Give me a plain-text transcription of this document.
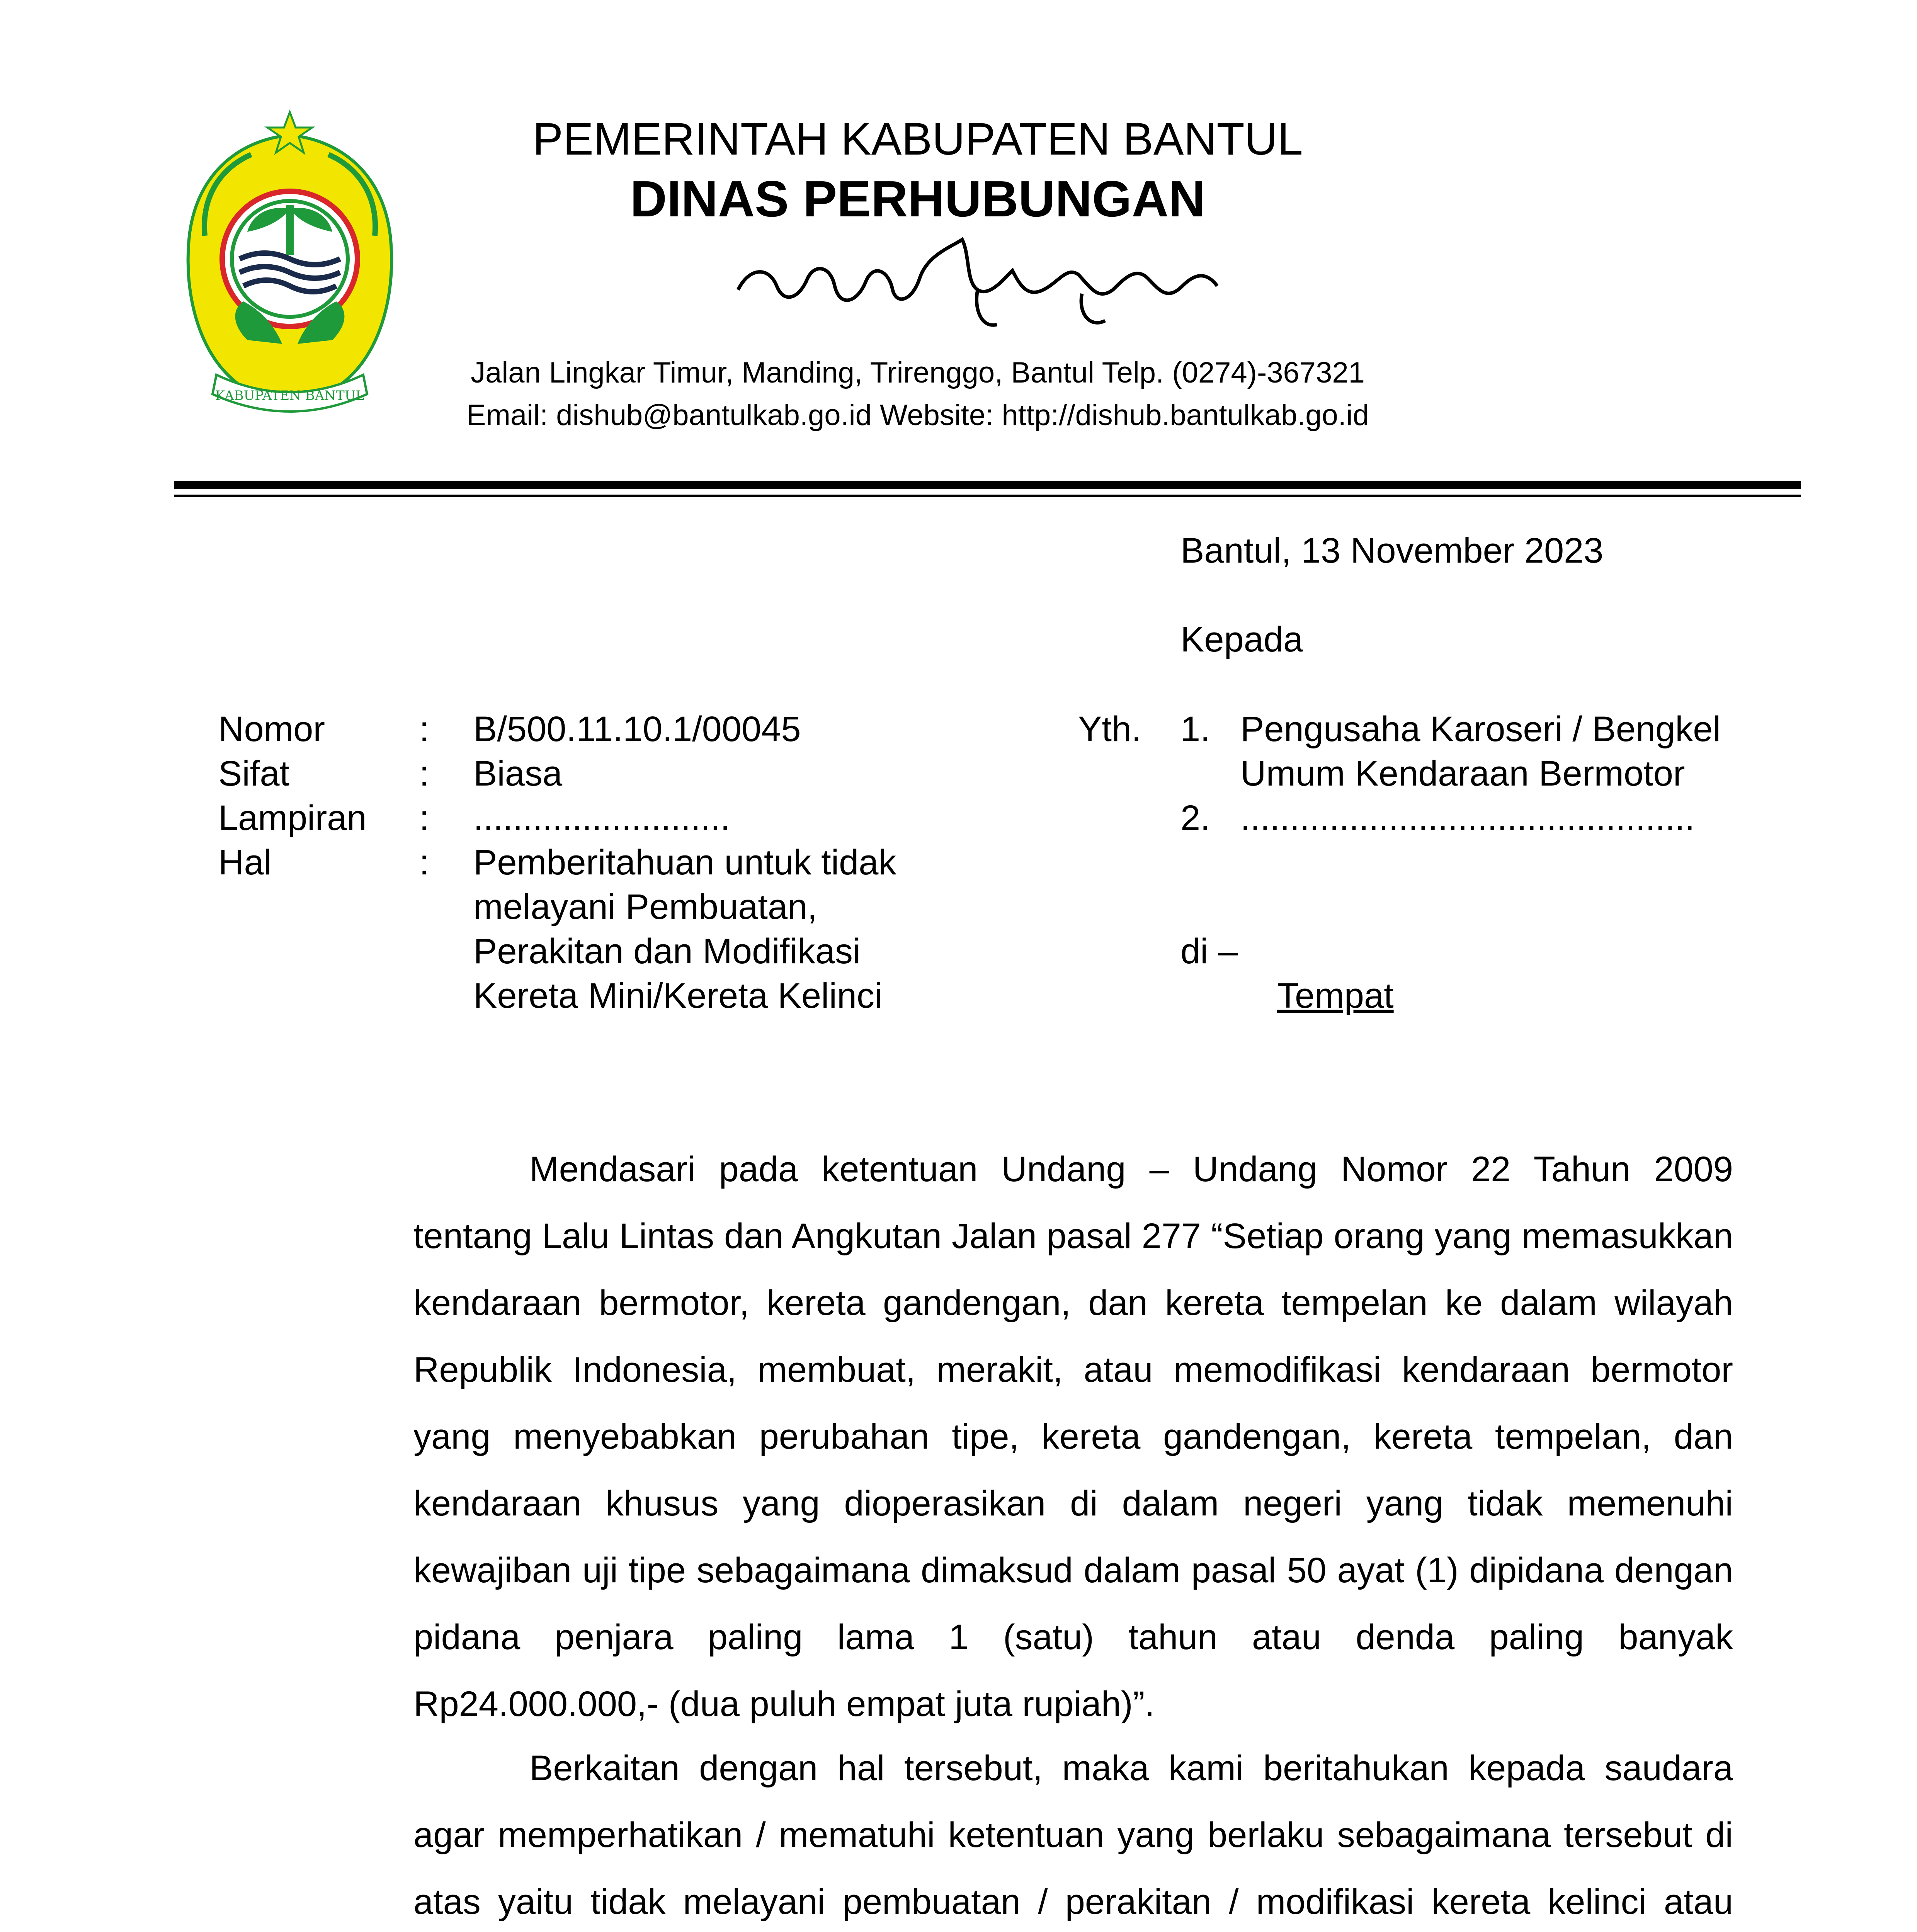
KABUPATEN BANTUL
PEMERINTAH KABUPATEN BANTUL
DINAS PERHUBUNGAN
Jalan Lingkar Timur, Manding, Trirenggo, Bantul Telp. (0274)-367321
Email: dishub@bantulkab.go.id Website: http://dishub.bantulkab.go.id
Bantul, 13 November 2023
Kepada
Nomor	: B/500.11.10.1/00045
Sifat	: Biasa
Lampiran : ..........................
Hal	: Pemberitahuan untuk tidak melayani Pembuatan, Perakitan dan Modifikasi Kereta Mini/Kereta Kelinci
Yth. 1. Pengusaha Karoseri / Bengkel
Umum Kendaraan Bermotor
2. ..............................................
di –
Tempat
Mendasari pada ketentuan Undang – Undang Nomor 22 Tahun 2009 tentang Lalu Lintas dan Angkutan Jalan pasal 277 “Setiap orang yang memasukkan kendaraan bermotor, kereta gandengan, dan kereta tempelan ke dalam wilayah Republik Indonesia, membuat, merakit, atau memodifikasi kendaraan bermotor yang menyebabkan perubahan tipe, kereta gandengan, kereta tempelan, dan kendaraan khusus yang dioperasikan di dalam negeri yang tidak memenuhi kewajiban uji tipe sebagaimana dimaksud dalam pasal 50 ayat (1) dipidana dengan pidana penjara paling lama 1 (satu) tahun atau denda paling banyak Rp24.000.000,- (dua puluh empat juta rupiah)”.
Berkaitan dengan hal tersebut, maka kami beritahukan kepada saudara agar memperhatikan / mematuhi ketentuan yang berlaku sebagaimana tersebut di atas yaitu tidak melayani pembuatan / perakitan / modifikasi kereta kelinci atau
